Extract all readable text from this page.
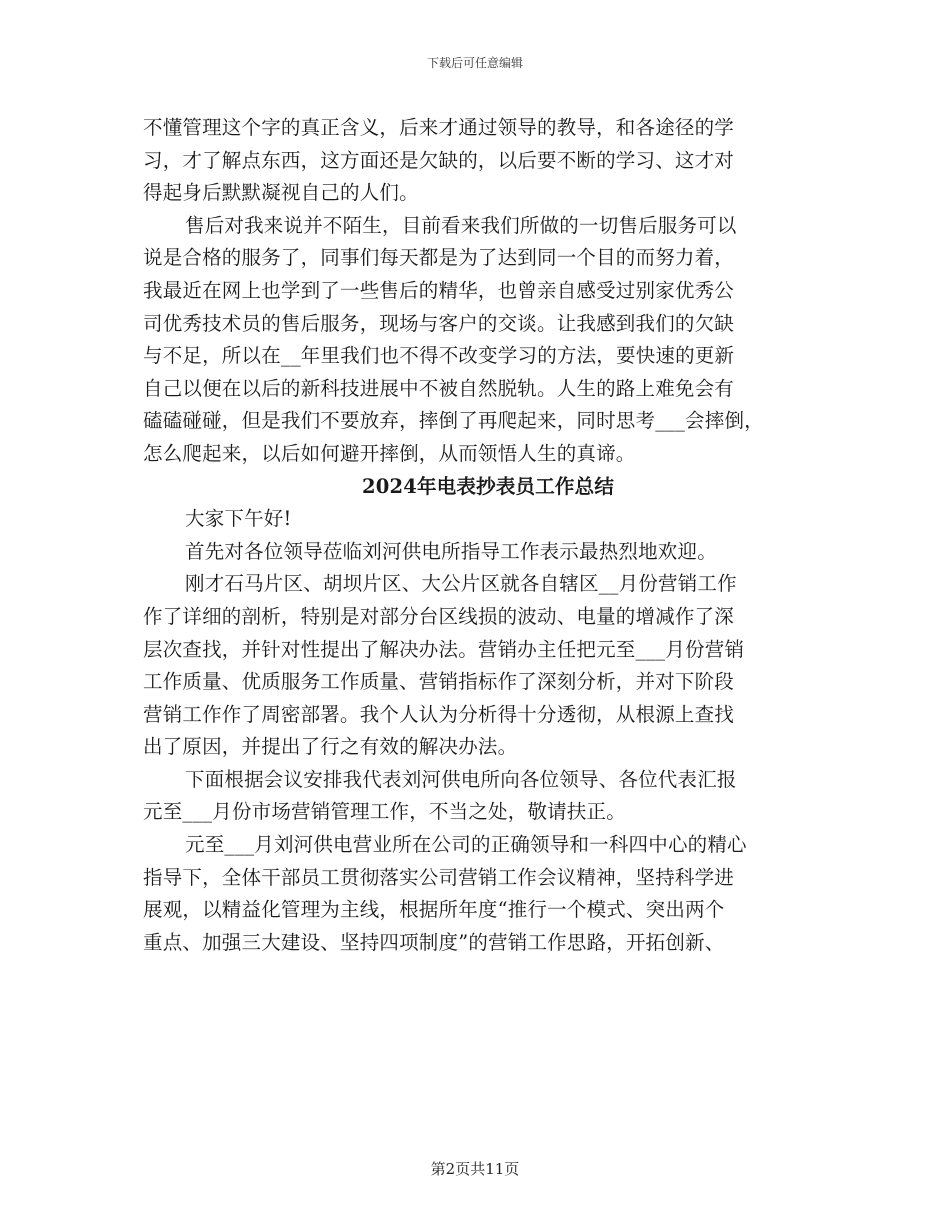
下载后可任意编辑
不懂管理这个字的真正含义，后来才通过领导的教导，和各途径的学
习，才了解点东西，这方面还是欠缺的，以后要不断的学习、这才对
得起身后默默凝视自己的人们。
售后对我来说并不陌生，目前看来我们所做的一切售后服务可以
说是合格的服务了，同事们每天都是为了达到同一个目的而努力着，
我最近在网上也学到了一些售后的精华，也曾亲自感受过别家优秀公
司优秀技术员的售后服务，现场与客户的交谈。让我感到我们的欠缺
与不足，所以在__年里我们也不得不改变学习的方法，要快速的更新
自己以便在以后的新科技进展中不被自然脱轨。人生的路上难免会有
磕磕碰碰，但是我们不要放弃，摔倒了再爬起来，同时思考___会摔倒，
怎么爬起来，以后如何避开摔倒，从而领悟人生的真谛。
2024年电表抄表员工作总结
大家下午好!
首先对各位领导莅临刘河供电所指导工作表示最热烈地欢迎。
刚才石马片区、胡坝片区、大公片区就各自辖区__月份营销工作
作了详细的剖析，特别是对部分台区线损的波动、电量的增减作了深
层次查找，并针对性提出了解决办法。营销办主任把元至___月份营销
工作质量、优质服务工作质量、营销指标作了深刻分析，并对下阶段
营销工作作了周密部署。我个人认为分析得十分透彻，从根源上查找
出了原因，并提出了行之有效的解决办法。
下面根据会议安排我代表刘河供电所向各位领导、各位代表汇报
元至___月份市场营销管理工作，不当之处，敬请扶正。
元至___月刘河供电营业所在公司的正确领导和一科四中心的精心
指导下，全体干部员工贯彻落实公司营销工作会议精神，坚持科学进
展观，以精益化管理为主线，根据所年度“推行一个模式、突出两个
重点、加强三大建设、坚持四项制度”的营销工作思路，开拓创新、
第2页共11页
